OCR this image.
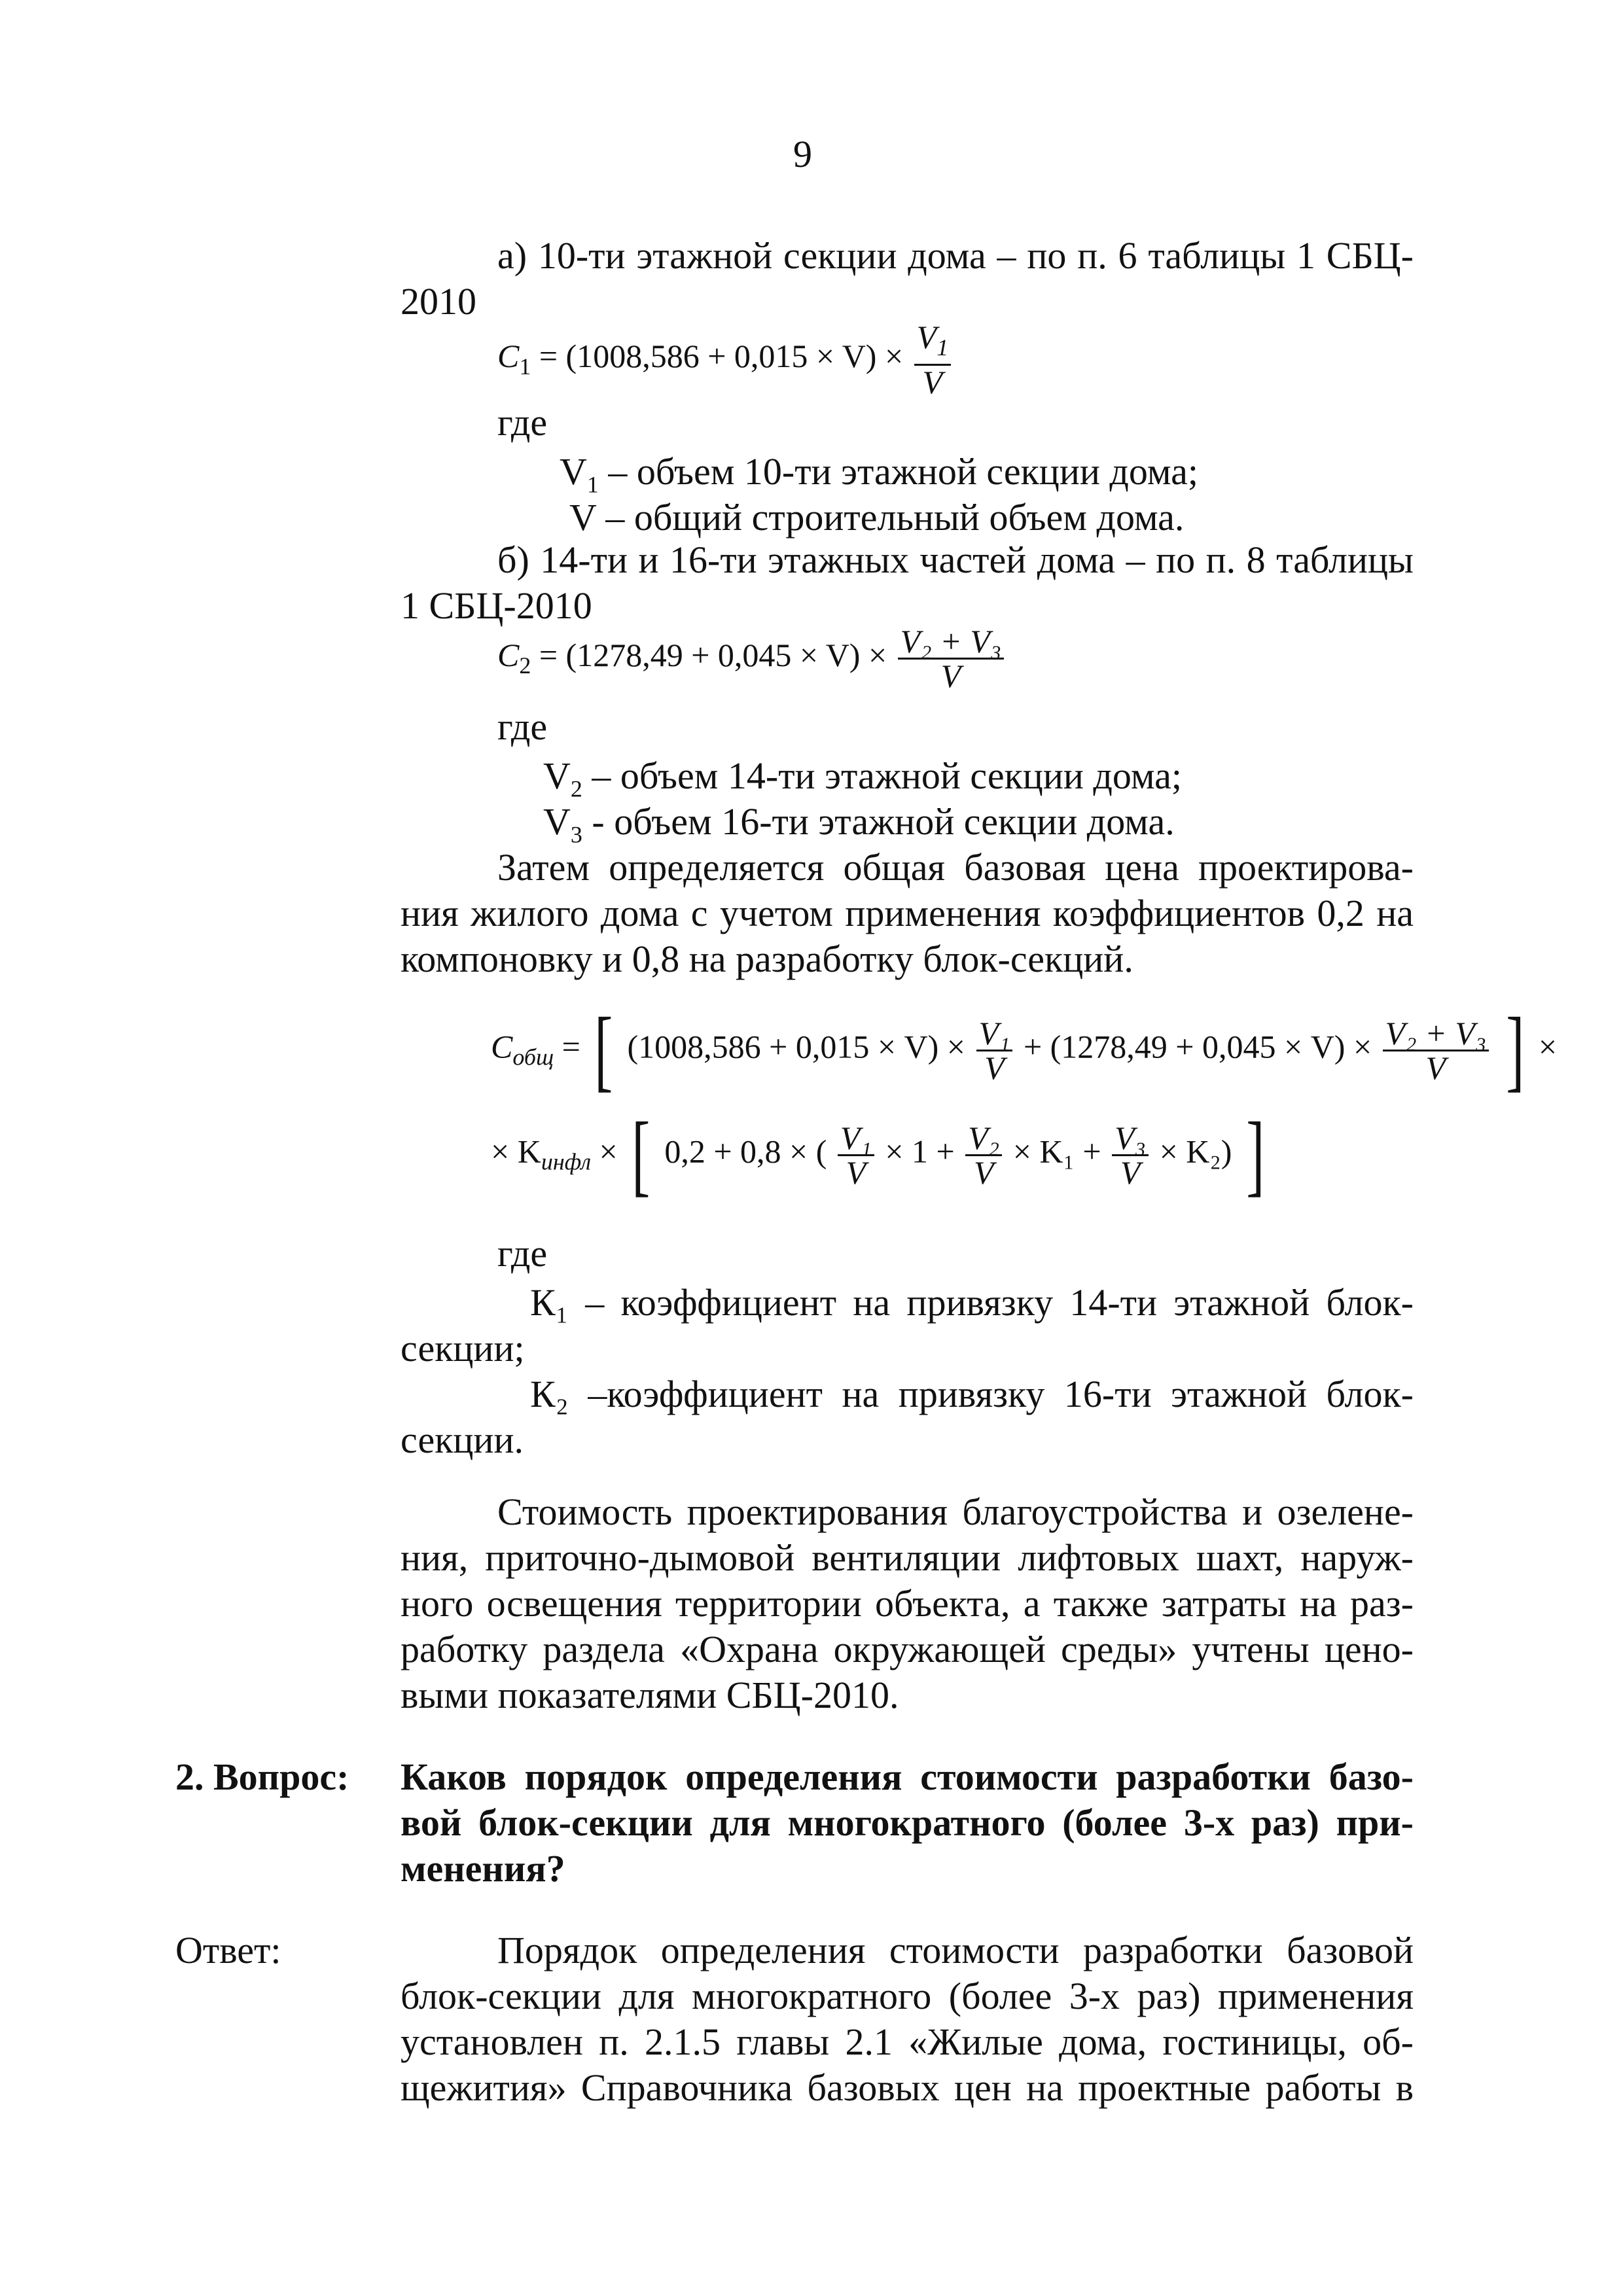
9
а) 10-ти этажной секции дома – по п. 6 таблицы 1 СБЦ-
2010
$C_1 = (1008,586 + 0,015 \times V) \times \frac{V_1}{V}$
где
$V_1$ – объем 10-ти этажной секции дома;
V – общий строительный объем дома.
б) 14-ти и 16-ти этажных частей дома – по п. 8 таблицы
1 СБЦ-2010
$C_2 = (1278,49 + 0,045 \times V) \times \frac{\text{V₂ + V₃}}{V}$
где
$V_2$ – объем 14-ти этажной секции дома;
$V_3$ - объем 16-ти этажной секции дома.
Затем определяется общая базовая цена проектирова-
ния жилого дома с учетом применения коэффициентов 0,2 на
компоновку и 0,8 на разработку блок-секций.
$C_{общ}$ = [ $(1008,586 + 0,015 \times V) \times \frac{\text{V₁}}{V} + (1278,49 + 0,045 \times V) \times \frac{\text{V₂ + V₃}}{V}$ ] ×
× $K_{инфл}$ × [ 0,2 + 0,8 × ( $\frac{\text{V₁}}{V} \times 1 + \frac{\text{V₂}}{V} \times K_1 + \frac{\text{V₃}}{V} \times K_2$) ]
где
К₁ – коэффициент на привязку 14-ти этажной блок-
секции;
К₂ –коэффициент на привязку 16-ти этажной блок-
секции.
Стоимость проектирования благоустройства и озелене-
ния, приточно-дымовой вентиляции лифтовых шахт, наруж-
ного освещения территории объекта, а также затраты на раз-
работку раздела «Охрана окружающей среды» учтены цено-
выми показателями СБЦ-2010.
2. Вопрос: Каков порядок определения стоимости разработки базо-
вой блок-секции для многократного (более 3-х раз) при-
менения?
Ответ:	Порядок определения стоимости разработки базовой
блок-секции для многократного (более 3-х раз) применения
установлен п. 2.1.5 главы 2.1 «Жилые дома, гостиницы, об-
щежития» Справочника базовых цен на проектные работы в
